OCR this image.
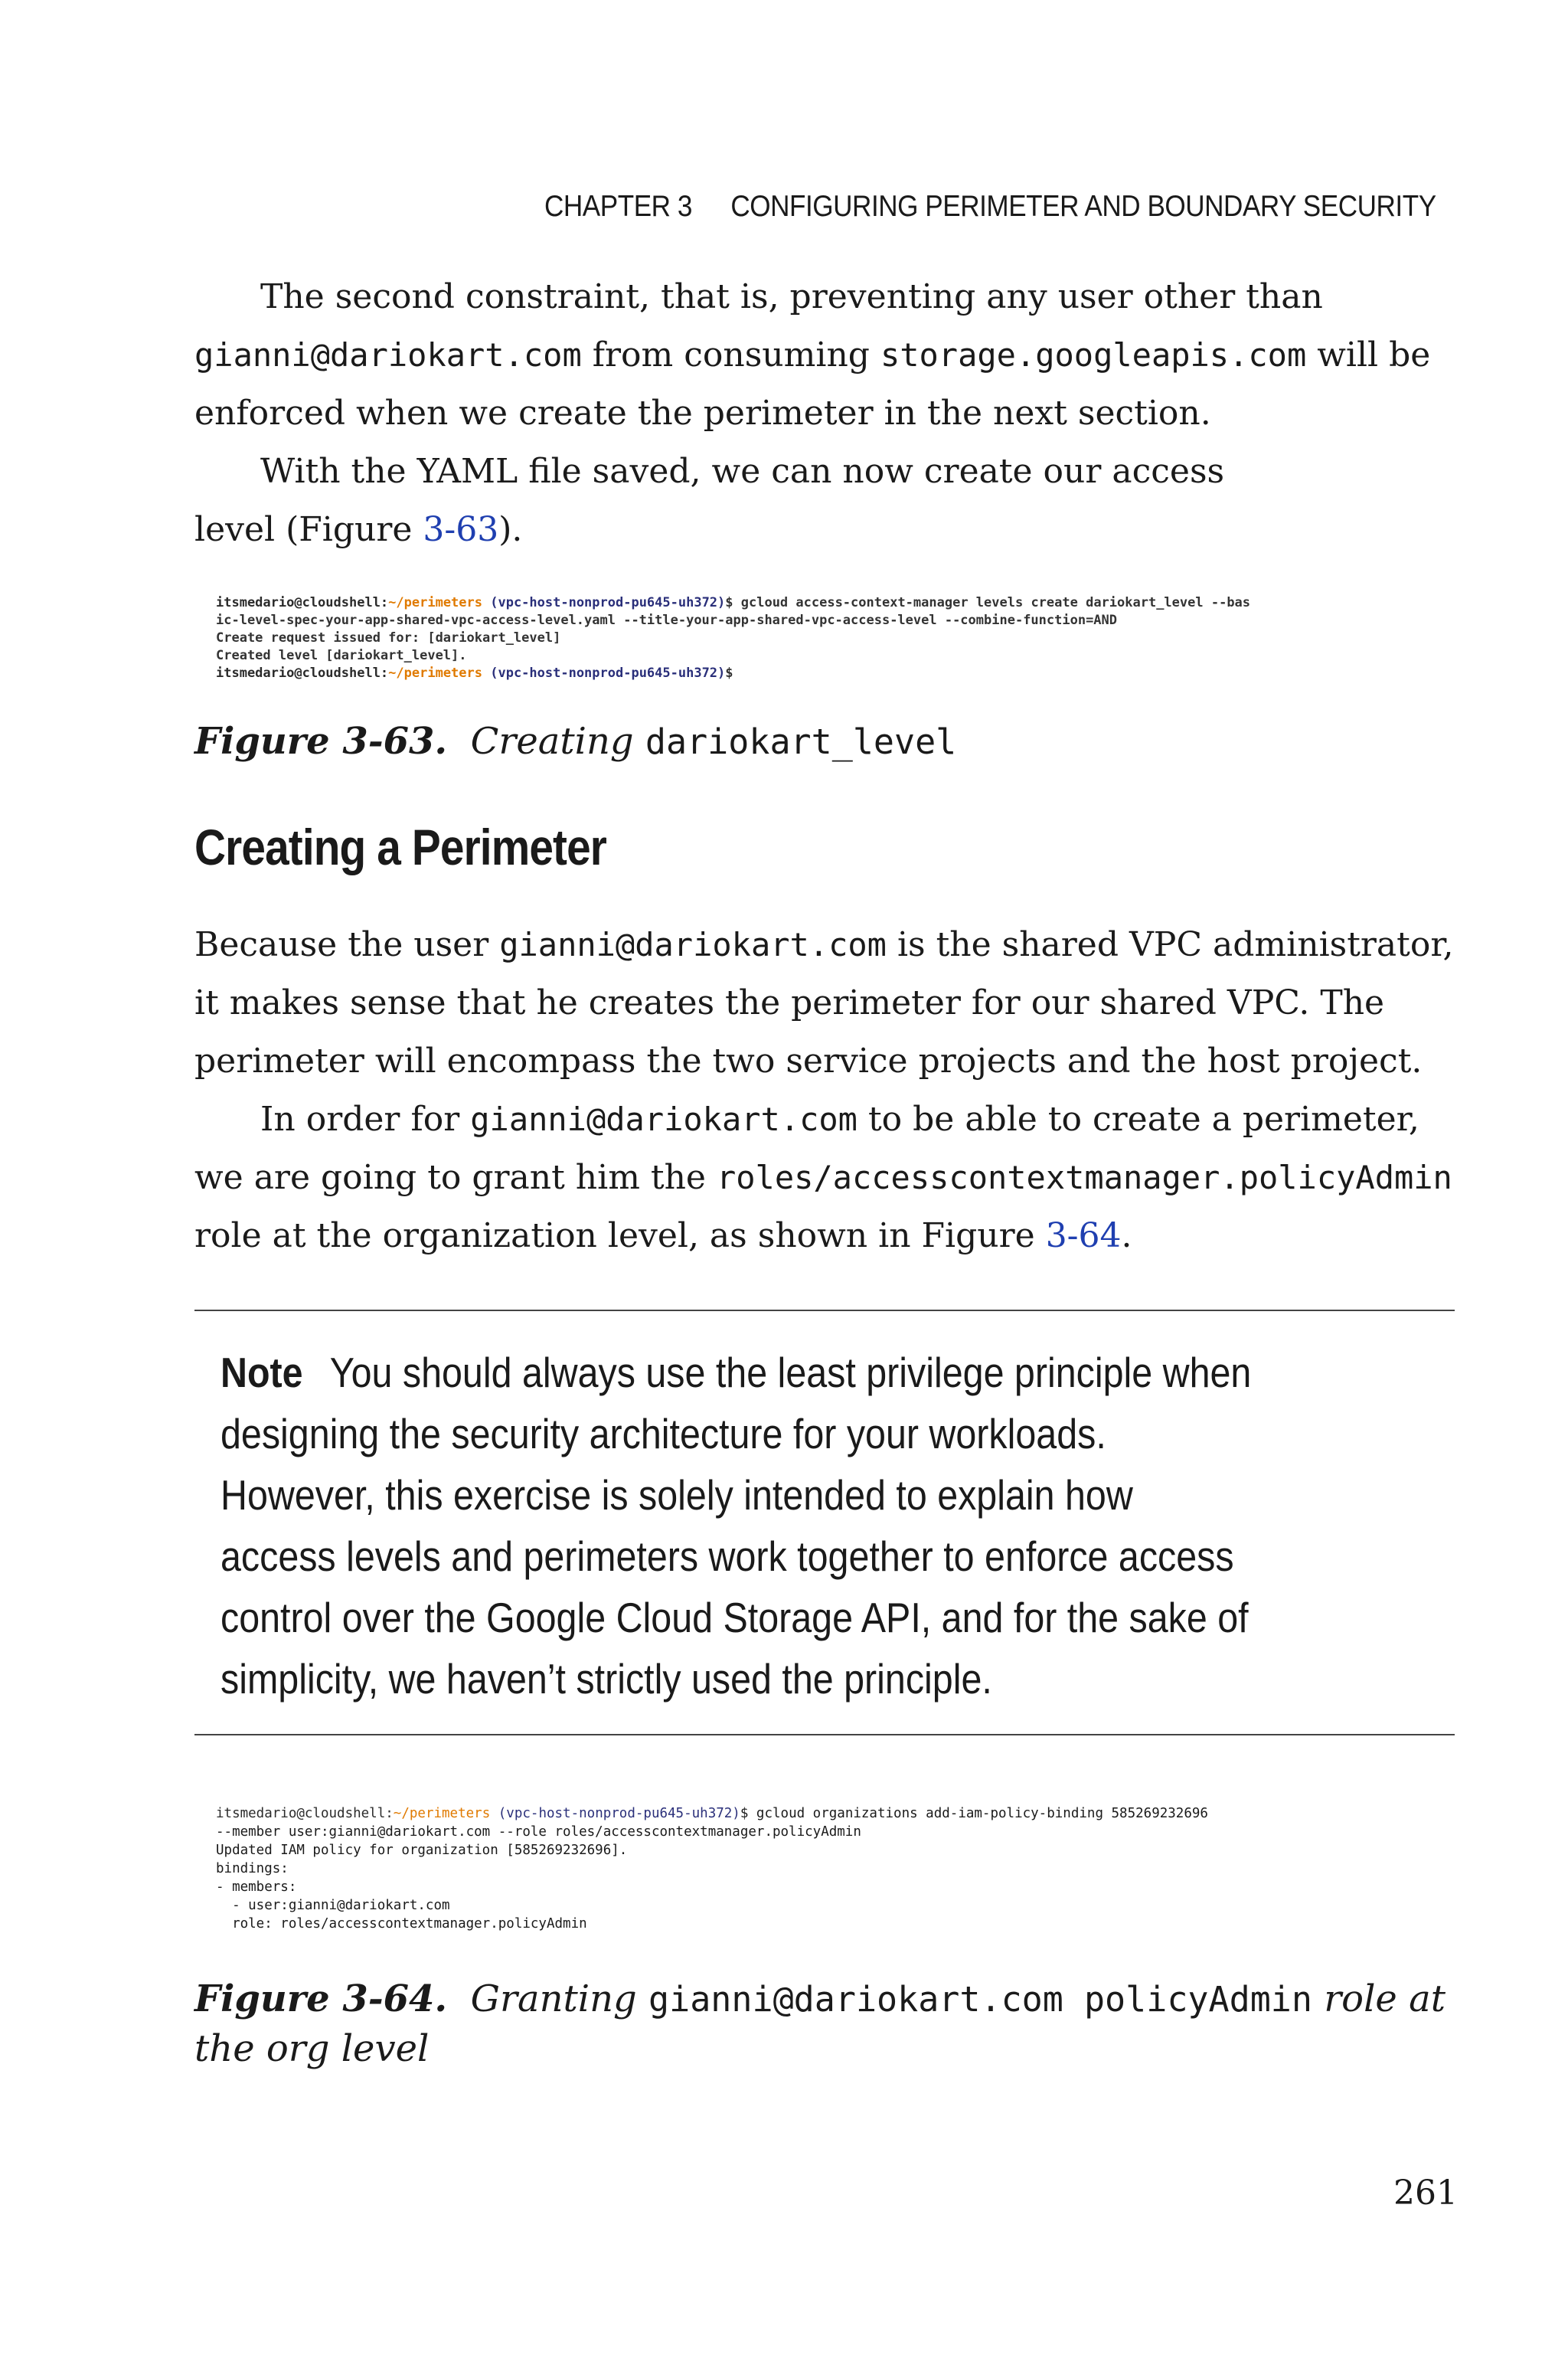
CHAPTER 3 CONFIGURING PERIMETER AND BOUNDARY SECURITY

The second constraint, that is, preventing any user other than gianni@dariokart.com from consuming storage.googleapis.com will be enforced when we create the perimeter in the next section.

With the YAML file saved, we can now create our access level (Figure 3-63).

itsmedario@cloudshell:~/perimeters (vpc-host-nonprod-pu645-uh372)$ gcloud access-context-manager levels create dariokart_level --bas
ic-level-spec-your-app-shared-vpc-access-level.yaml --title-your-app-shared-vpc-access-level --combine-function=AND
Create request issued for: [dariokart_level]
Created level [dariokart_level].
itsmedario@cloudshell:~/perimeters (vpc-host-nonprod-pu645-uh372)$
Figure 3-63. Creating dariokart_level
Creating a Perimeter

Because the user gianni@dariokart.com is the shared VPC administrator, it makes sense that he creates the perimeter for our shared VPC. The perimeter will encompass the two service projects and the host project.

In order for gianni@dariokart.com to be able to create a perimeter, we are going to grant him the roles/accesscontextmanager.policyAdmin role at the organization level, as shown in Figure 3-64.

Note You should always use the least privilege principle when designing the security architecture for your workloads. However, this exercise is solely intended to explain how access levels and perimeters work together to enforce access control over the Google Cloud Storage API, and for the sake of simplicity, we haven’t strictly used the principle.
itsmedario@cloudshell:~/perimeters (vpc-host-nonprod-pu645-uh372)$ gcloud organizations add-iam-policy-binding 585269232696
--member user:gianni@dariokart.com --role roles/accesscontextmanager.policyAdmin
Updated IAM policy for organization [585269232696].
bindings:
- members:
- user:gianni@dariokart.com
role: roles/accesscontextmanager.policyAdmin
Figure 3-64. Granting gianni@dariokart.com policyAdmin role at the org level
261
